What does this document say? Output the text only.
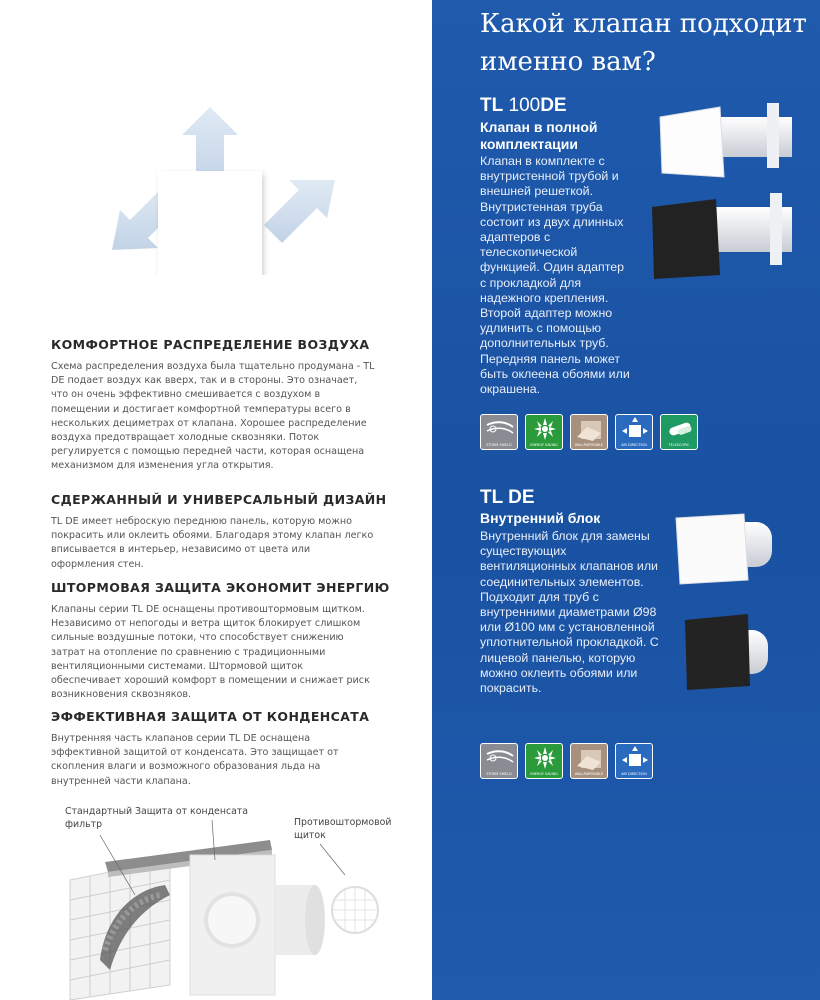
КОМФОРТНОЕ РАСПРЕДЕЛЕНИЕ ВОЗДУХА

Схема распределения воздуха была тщательно продумана - TL DE подает воздух как вверх, так и в стороны. Это означает, что он очень эффективно смешивается с воздухом в помещении и достигает комфортной температуры всего в нескольких дециметрах от клапана. Хорошее распределение воздуха предотвращает холодные сквозняки. Поток регулируется с помощью передней части, которая оснащена механизмом для изменения угла открытия.

СДЕРЖАННЫЙ И УНИВЕРСАЛЬНЫЙ ДИЗАЙН

TL DE имеет неброскую переднюю панель, которую можно покрасить или оклеить обоями. Благодаря этому клапан легко вписывается в интерьер, независимо от цвета или оформления стен.

ШТОРМОВАЯ ЗАЩИТА ЭКОНОМИТ ЭНЕРГИЮ

Клапаны серии TL DE оснащены противоштормовым щитком. Независимо от непогоды и ветра щиток блокирует слишком сильные воздушные потоки, что способствует снижению затрат на отопление по сравнению с традиционными вентиляционными системами. Штормовой щиток обеспечивает хороший комфорт в помещении и снижает риск возникновения сквозняков.

ЭФФЕКТИВНАЯ ЗАЩИТА ОТ КОНДЕНСАТА

Внутренняя часть клапанов серии TL DE оснащена эффективной защитой от конденсата. Это защищает от скопления влаги и возможного образования льда на внутренней части клапана.

Стандартный фильтр
Защита от конденсата
Противоштормовой щиток
Какой клапан подходит именно вам?
TL 100DE
Клапан в полной комплектации
Клапан в комплекте с внутристенной трубой и внешней решеткой. Внутристенная труба состоит из двух длинных адаптеров с телескопической функцией. Один адаптер с прокладкой для надежного крепления. Второй адаптер можно удлинить с помощью дополнительных труб. Передняя панель может быть оклеена обоями или окрашена.
STORM SHIELD	ENERGY SAVING	WALLPAPERABLE	AIR DIRECTION	TELESCOPIC
TL DE
Внутренний блок
Внутренний блок для замены существующих вентиляционных клапанов или соединительных элементов. Подходит для труб с внутренними диаметрами Ø98 или Ø100 мм с установленной уплотнительной прокладкой. С лицевой панелью, которую можно оклеить обоями или покрасить.
STORM SHIELD	ENERGY SAVING	WALLPAPERABLE	AIR DIRECTION
